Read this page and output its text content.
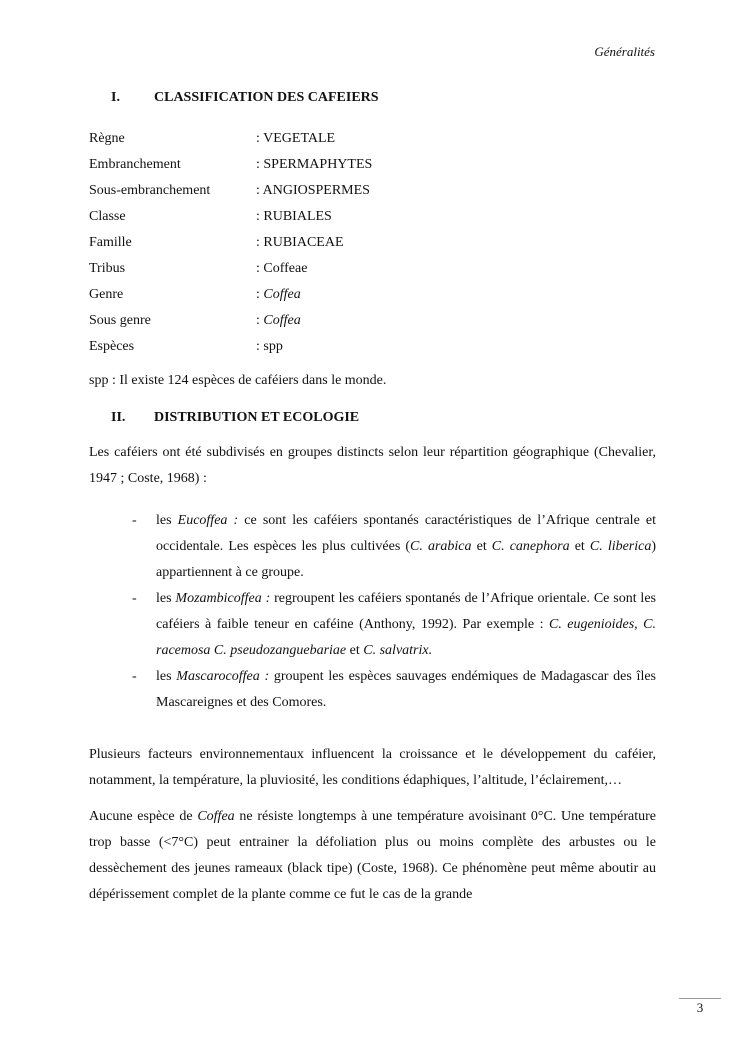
Généralités
I.	CLASSIFICATION DES CAFEIERS
Règne	: VEGETALE
Embranchement	: SPERMAPHYTES
Sous-embranchement	: ANGIOSPERMES
Classe	: RUBIALES
Famille	: RUBIACEAE
Tribus	: Coffeae
Genre	: Coffea
Sous genre	: Coffea
Espèces	: spp

spp : Il existe 124 espèces de caféiers dans le monde.

II.	DISTRIBUTION ET ECOLOGIE

Les caféiers ont été subdivisés en groupes distincts selon leur répartition géographique (Chevalier, 1947 ; Coste, 1968) :

- les Eucoffea : ce sont les caféiers spontanés caractéristiques de l’Afrique centrale et occidentale. Les espèces les plus cultivées (C. arabica et C. canephora et C. liberica) appartiennent à ce groupe.
- les Mozambicoffea : regroupent les caféiers spontanés de l’Afrique orientale. Ce sont les caféiers à faible teneur en caféine (Anthony, 1992). Par exemple : C. eugenioides, C. racemosa C. pseudozanguebariae et C. salvatrix.
- les Mascarocoffea : groupent les espèces sauvages endémiques de Madagascar des îles Mascareignes et des Comores.

Plusieurs facteurs environnementaux influencent la croissance et le développement du caféier, notamment, la température, la pluviosité, les conditions édaphiques, l’altitude, l’éclairement,…

Aucune espèce de Coffea ne résiste longtemps à une température avoisinant 0°C. Une température trop basse (<7°C) peut entrainer la défoliation plus ou moins complète des arbustes ou le dessèchement des jeunes rameaux (black tipe) (Coste, 1968). Ce phénomène peut même aboutir au dépérissement complet de la plante comme ce fut le cas de la grande

3
